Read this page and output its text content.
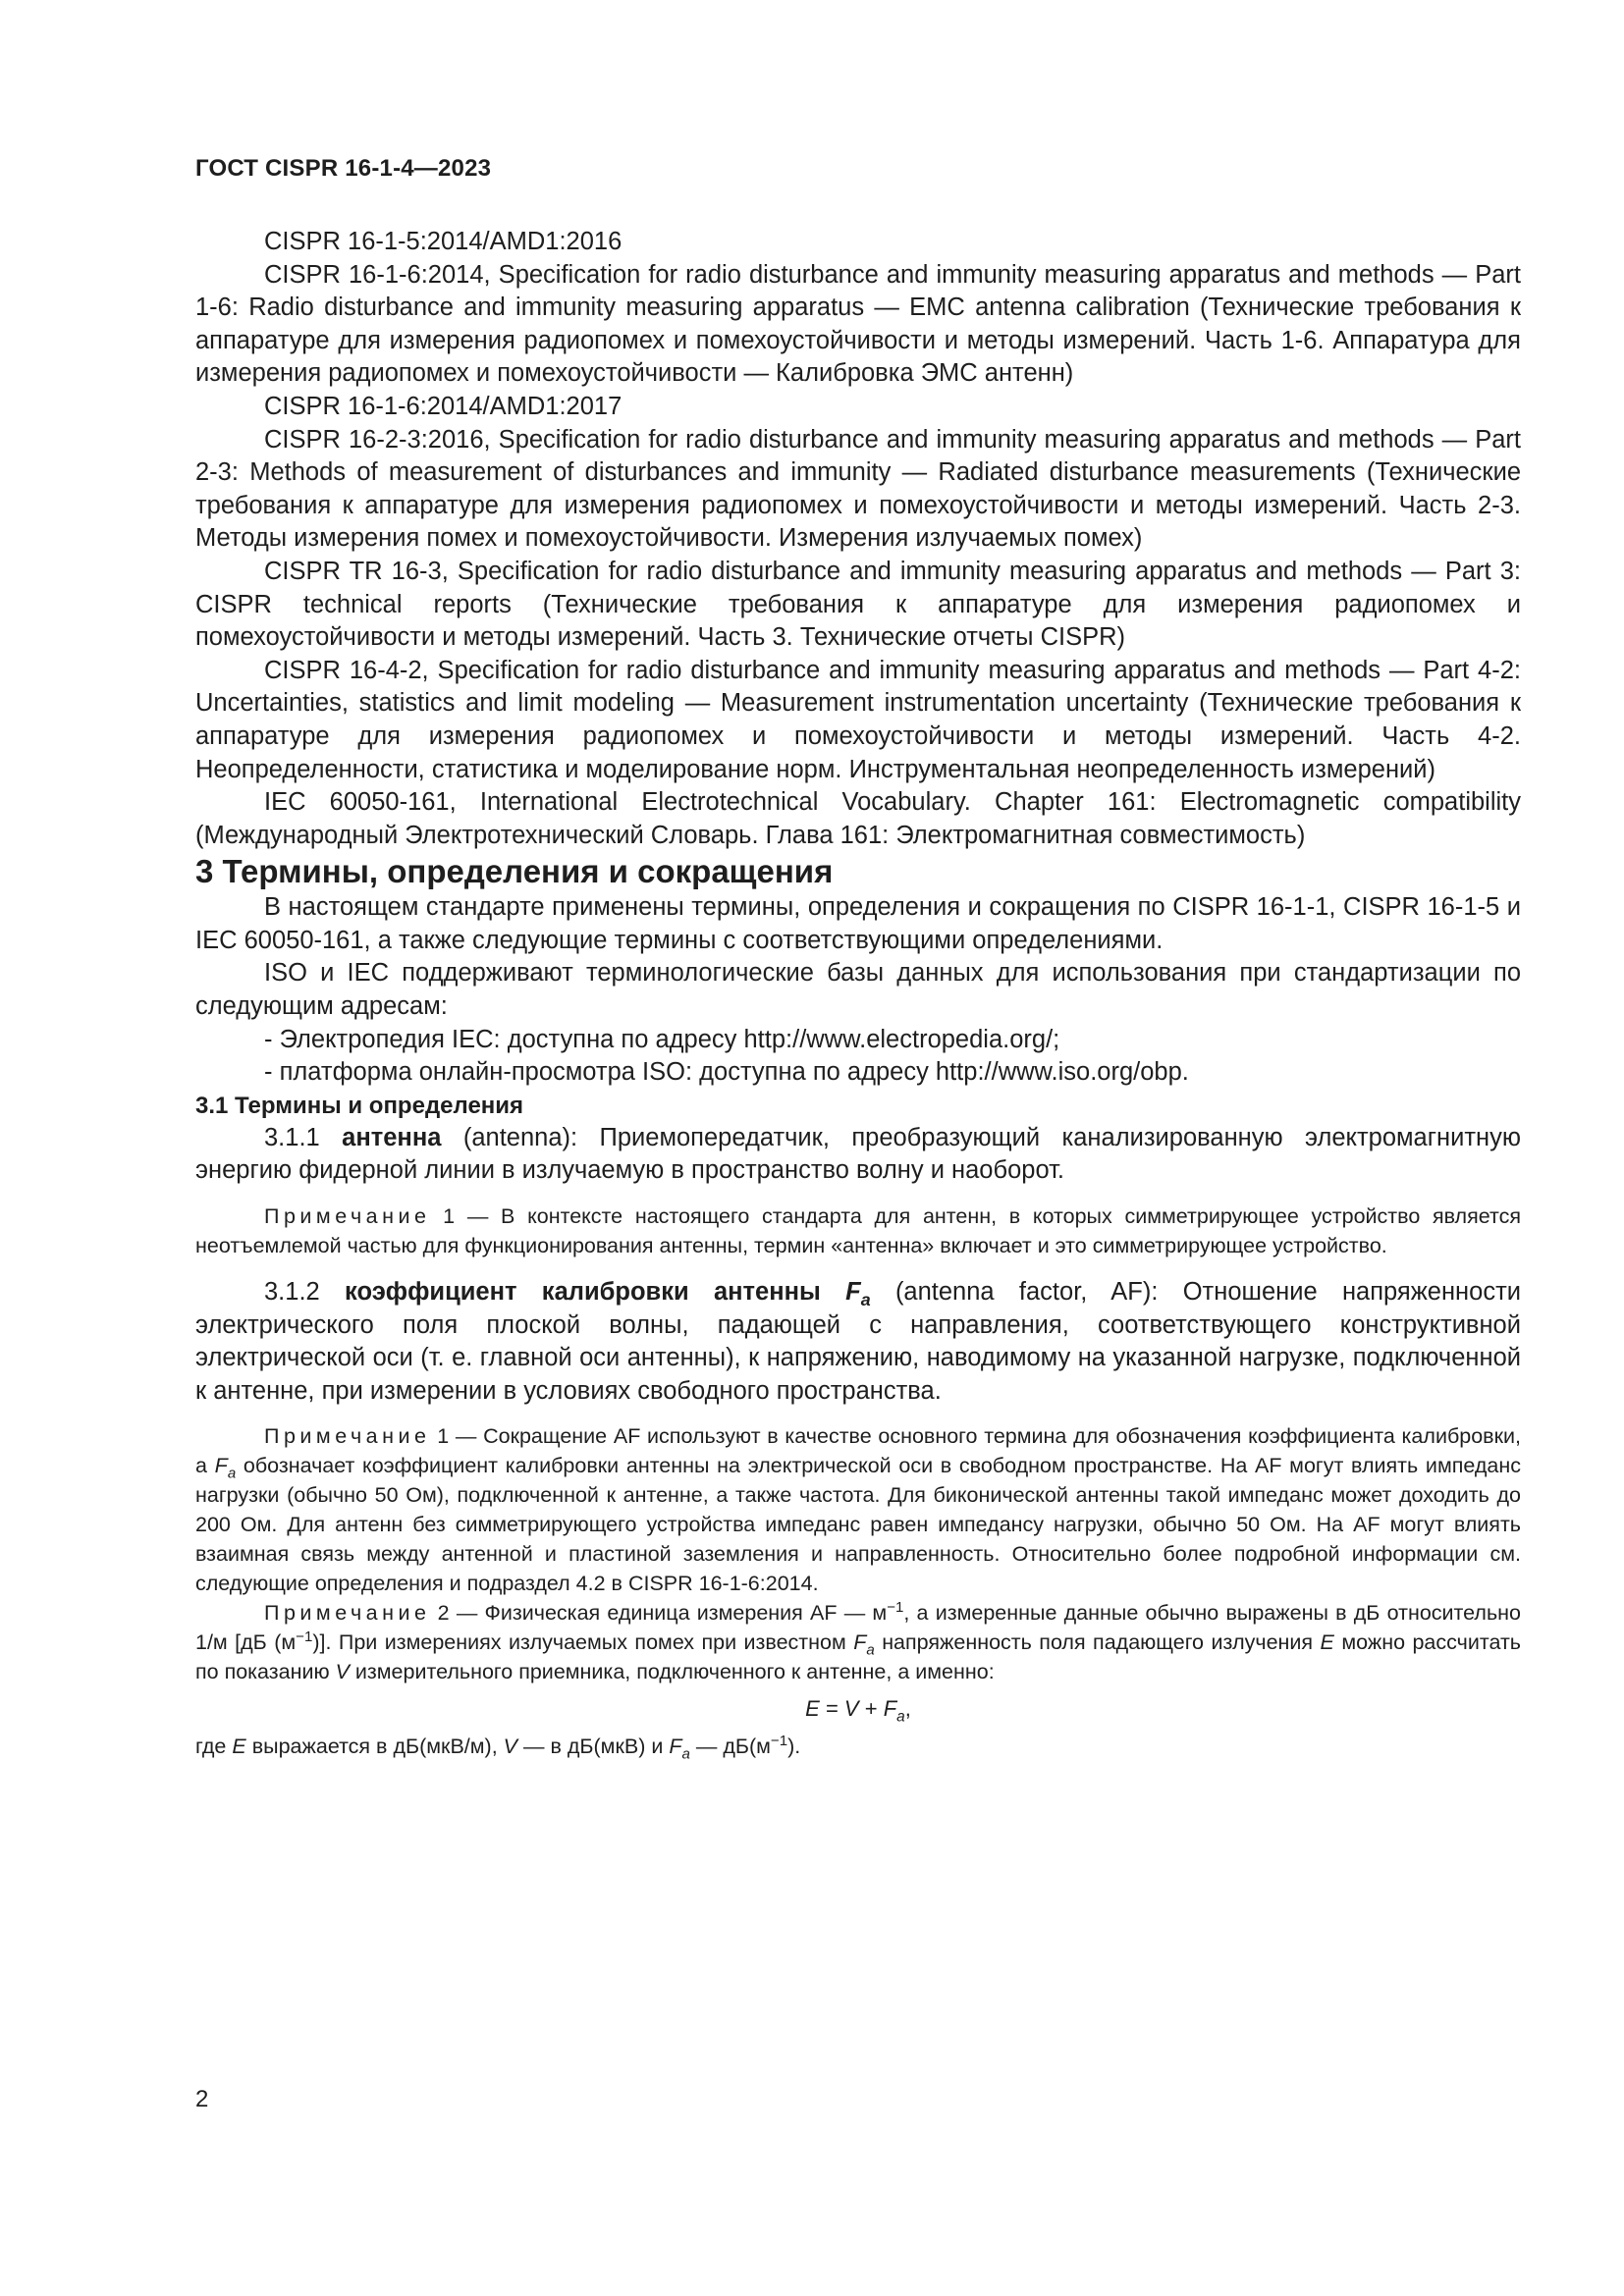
ГОСТ CISPR 16-1-4—2023

CISPR 16-1-5:2014/AMD1:2016

CISPR 16-1-6:2014, Specification for radio disturbance and immunity measuring apparatus and methods — Part 1-6: Radio disturbance and immunity measuring apparatus — EMC antenna calibration (Технические требования к аппаратуре для измерения радиопомех и помехоустойчивости и методы измерений. Часть 1-6. Аппаратура для измерения радиопомех и помехоустойчивости — Калибровка ЭМС антенн)

CISPR 16-1-6:2014/AMD1:2017

CISPR 16-2-3:2016, Specification for radio disturbance and immunity measuring apparatus and methods — Part 2-3: Methods of measurement of disturbances and immunity — Radiated disturbance measurements (Технические требования к аппаратуре для измерения радиопомех и помехоустойчивости и методы измерений. Часть 2-3. Методы измерения помех и помехоустойчивости. Измерения излучаемых помех)

CISPR TR 16-3, Specification for radio disturbance and immunity measuring apparatus and methods — Part 3: CISPR technical reports (Технические требования к аппаратуре для измерения радиопомех и помехоустойчивости и методы измерений. Часть 3. Технические отчеты CISPR)

CISPR 16-4-2, Specification for radio disturbance and immunity measuring apparatus and methods — Part 4-2: Uncertainties, statistics and limit modeling — Measurement instrumentation uncertainty (Технические требования к аппаратуре для измерения радиопомех и помехоустойчивости и методы измерений. Часть 4-2. Неопределенности, статистика и моделирование норм. Инструментальная неопределенность измерений)

IEC 60050-161, International Electrotechnical Vocabulary. Chapter 161: Electromagnetic compatibility (Международный Электротехнический Словарь. Глава 161: Электромагнитная совместимость)

3 Термины, определения и сокращения

В настоящем стандарте применены термины, определения и сокращения по CISPR 16-1-1, CISPR 16-1-5 и IEC 60050-161, а также следующие термины с соответствующими определениями.

ISO и IEC поддерживают терминологические базы данных для использования при стандартизации по следующим адресам:

- Электропедия IEC: доступна по адресу http://www.electropedia.org/;

- платформа онлайн-просмотра ISO: доступна по адресу http://www.iso.org/obp.

3.1 Термины и определения

3.1.1 антенна (antenna): Приемопередатчик, преобразующий канализированную электромагнитную энергию фидерной линии в излучаемую в пространство волну и наоборот.

Примечание 1 — В контексте настоящего стандарта для антенн, в которых симметрирующее устройство является неотъемлемой частью для функционирования антенны, термин «антенна» включает и это симметрирующее устройство.

3.1.2 коэффициент калибровки антенны $F_a$ (antenna factor, AF): Отношение напряженности электрического поля плоской волны, падающей с направления, соответствующего конструктивной электрической оси (т. е. главной оси антенны), к напряжению, наводимому на указанной нагрузке, подключенной к антенне, при измерении в условиях свободного пространства.

Примечание 1 — Сокращение AF используют в качестве основного термина для обозначения коэффициента калибровки, а $F_a$ обозначает коэффициент калибровки антенны на электрической оси в свободном пространстве. На AF могут влиять импеданс нагрузки (обычно 50 Ом), подключенной к антенне, а также частота. Для биконической антенны такой импеданс может доходить до 200 Ом. Для антенн без симметрирующего устройства импеданс равен импедансу нагрузки, обычно 50 Ом. На AF могут влиять взаимная связь между антенной и пластиной заземления и направленность. Относительно более подробной информации см. следующие определения и подраздел 4.2 в CISPR 16-1-6:2014.

Примечание 2 — Физическая единица измерения AF — $м^{-1}$, а измеренные данные обычно выражены в дБ относительно 1/м [дБ $(м^{-1})$]. При измерениях излучаемых помех при известном $F_a$ напряженность поля падающего излучения E можно рассчитать по показанию V измерительного приемника, подключенного к антенне, а именно:

$E = V + F_a$,

где E выражается в дБ(мкВ/м), V — в дБ(мкВ) и $F_a$ — $дБ(м^{-1})$.

2
